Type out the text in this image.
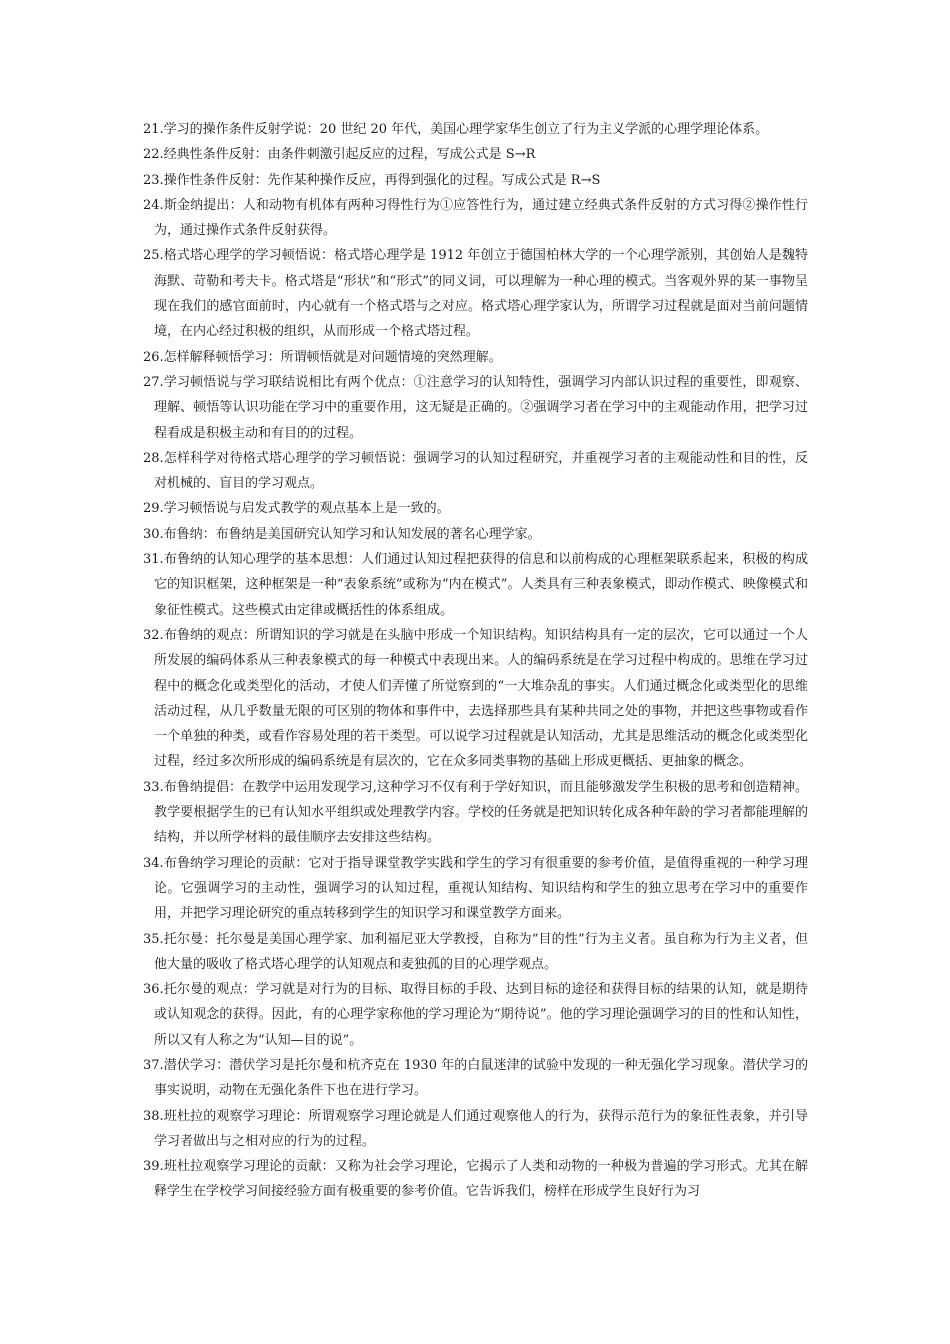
21.学习的操作条件反射学说：20 世纪 20 年代，美国心理学家华生创立了行为主义学派的心理学理论体系。

22.经典性条件反射：由条件刺激引起反应的过程，写成公式是 S→R

23.操作性条件反射：先作某种操作反应，再得到强化的过程。写成公式是 R→S

24.斯金纳提出：人和动物有机体有两种习得性行为①应答性行为，通过建立经典式条件反射的方式习得②操作性行为，通过操作式条件反射获得。

25.格式塔心理学的学习顿悟说：格式塔心理学是 1912 年创立于德国柏林大学的一个心理学派别，其创始人是魏特海默、苛勒和考夫卡。格式塔是“形状”和“形式”的同义词，可以理解为一种心理的模式。当客观外界的某一事物呈现在我们的感官面前时，内心就有一个格式塔与之对应。格式塔心理学家认为，所谓学习过程就是面对当前问题情境，在内心经过积极的组织，从而形成一个格式塔过程。

26.怎样解释顿悟学习：所谓顿悟就是对问题情境的突然理解。

27.学习顿悟说与学习联结说相比有两个优点：①注意学习的认知特性，强调学习内部认识过程的重要性，即观察、理解、顿悟等认识功能在学习中的重要作用，这无疑是正确的。②强调学习者在学习中的主观能动作用，把学习过程看成是积极主动和有目的的过程。

28.怎样科学对待格式塔心理学的学习顿悟说：强调学习的认知过程研究，并重视学习者的主观能动性和目的性，反对机械的、盲目的学习观点。

29.学习顿悟说与启发式教学的观点基本上是一致的。

30.布鲁纳：布鲁纳是美国研究认知学习和认知发展的著名心理学家。

31.布鲁纳的认知心理学的基本思想：人们通过认知过程把获得的信息和以前构成的心理框架联系起来，积极的构成它的知识框架，这种框架是一种“表象系统”或称为“内在模式”。人类具有三种表象模式，即动作模式、映像模式和象征性模式。这些模式由定律或概括性的体系组成。

32.布鲁纳的观点：所谓知识的学习就是在头脑中形成一个知识结构。知识结构具有一定的层次，它可以通过一个人所发展的编码体系从三种表象模式的每一种模式中表现出来。人的编码系统是在学习过程中构成的。思维在学习过程中的概念化或类型化的活动，才使人们弄懂了所觉察到的“一大堆杂乱的事实。人们通过概念化或类型化的思维活动过程，从几乎数量无限的可区别的物体和事件中，去选择那些具有某种共同之处的事物，并把这些事物或看作一个单独的种类，或看作容易处理的若干类型。可以说学习过程就是认知活动，尤其是思维活动的概念化或类型化过程，经过多次所形成的编码系统是有层次的，它在众多同类事物的基础上形成更概括、更抽象的概念。

33.布鲁纳提倡：在教学中运用发现学习,这种学习不仅有利于学好知识，而且能够激发学生积极的思考和创造精神。教学要根据学生的已有认知水平组织或处理教学内容。学校的任务就是把知识转化成各种年龄的学习者都能理解的结构，并以所学材料的最佳顺序去安排这些结构。

34.布鲁纳学习理论的贡献：它对于指导课堂教学实践和学生的学习有很重要的参考价值，是值得重视的一种学习理论。它强调学习的主动性，强调学习的认知过程，重视认知结构、知识结构和学生的独立思考在学习中的重要作用，并把学习理论研究的重点转移到学生的知识学习和课堂教学方面来。

35.托尔曼：托尔曼是美国心理学家、加利福尼亚大学教授，自称为“目的性”行为主义者。虽自称为行为主义者，但他大量的吸收了格式塔心理学的认知观点和麦独孤的目的心理学观点。

36.托尔曼的观点：学习就是对行为的目标、取得目标的手段、达到目标的途径和获得目标的结果的认知，就是期待或认知观念的获得。因此，有的心理学家称他的学习理论为“期待说”。他的学习理论强调学习的目的性和认知性，所以又有人称之为“认知—目的说”。

37.潜伏学习：潜伏学习是托尔曼和杭齐克在 1930 年的白鼠迷津的试验中发现的一种无强化学习现象。潜伏学习的事实说明，动物在无强化条件下也在进行学习。

38.班杜拉的观察学习理论：所谓观察学习理论就是人们通过观察他人的行为，获得示范行为的象征性表象，并引导学习者做出与之相对应的行为的过程。

39.班杜拉观察学习理论的贡献：又称为社会学习理论，它揭示了人类和动物的一种极为普遍的学习形式。尤其在解释学生在学校学习间接经验方面有极重要的参考价值。它告诉我们，榜样在形成学生良好行为习
